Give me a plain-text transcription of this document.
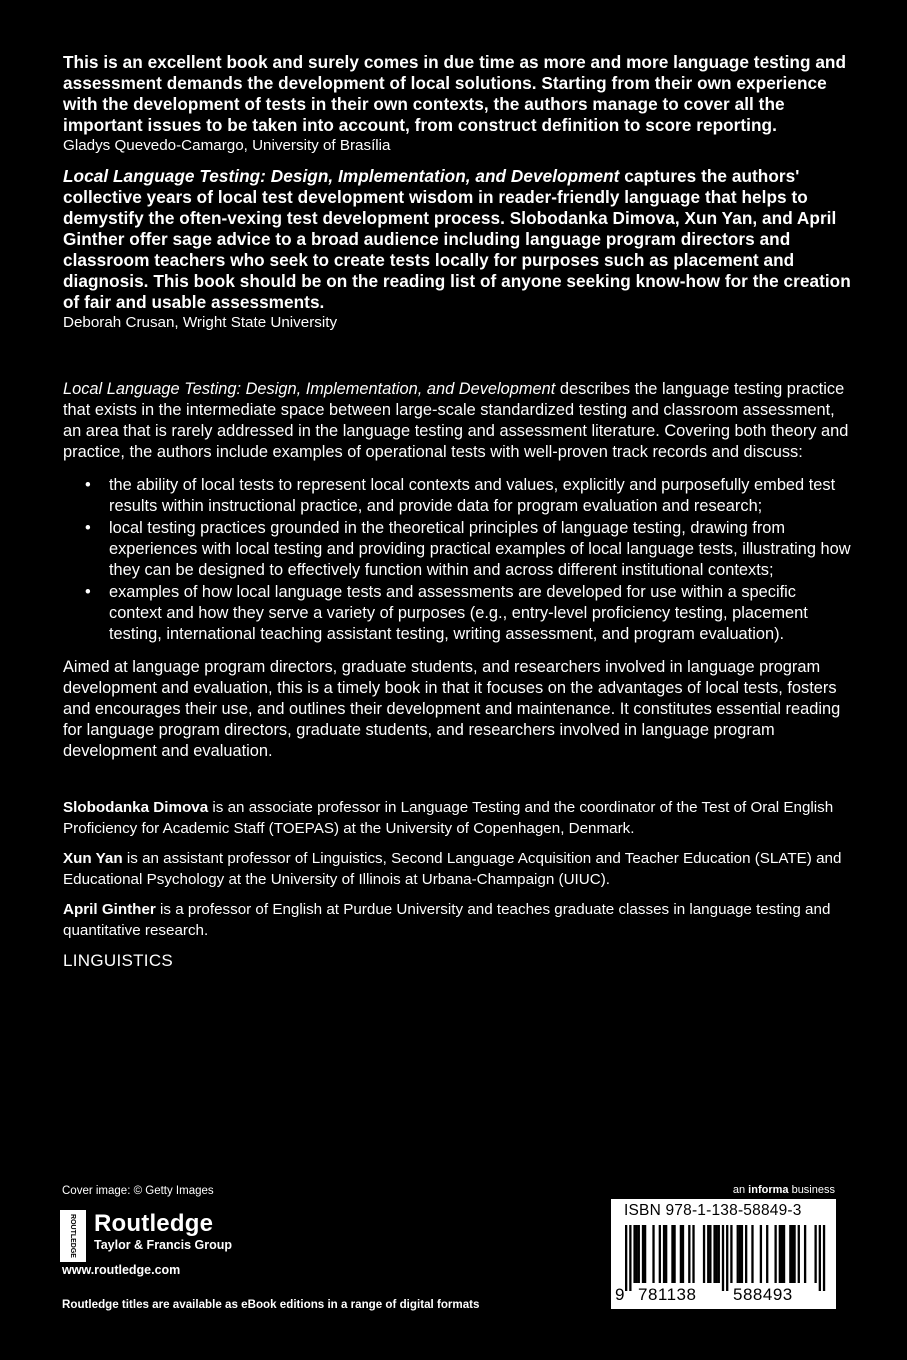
This is an excellent book and surely comes in due time as more and more language testing and assessment demands the development of local solutions. Starting from their own experience with the development of tests in their own contexts, the authors manage to cover all the important issues to be taken into account, from construct definition to score reporting.

Gladys Quevedo-Camargo, University of Brasília

Local Language Testing: Design, Implementation, and Development captures the authors' collective years of local test development wisdom in reader-friendly language that helps to demystify the often-vexing test development process. Slobodanka Dimova, Xun Yan, and April Ginther offer sage advice to a broad audience including language program directors and classroom teachers who seek to create tests locally for purposes such as placement and diagnosis. This book should be on the reading list of anyone seeking know-how for the creation of fair and usable assessments.

Deborah Crusan, Wright State University

Local Language Testing: Design, Implementation, and Development describes the language testing practice that exists in the intermediate space between large-scale standardized testing and classroom assessment, an area that is rarely addressed in the language testing and assessment literature. Covering both theory and practice, the authors include examples of operational tests with well-proven track records and discuss:

• the ability of local tests to represent local contexts and values, explicitly and purposefully embed test results within instructional practice, and provide data for program evaluation and research;
• local testing practices grounded in the theoretical principles of language testing, drawing from experiences with local testing and providing practical examples of local language tests, illustrating how they can be designed to effectively function within and across different institutional contexts;
• examples of how local language tests and assessments are developed for use within a specific context and how they serve a variety of purposes (e.g., entry-level proficiency testing, placement testing, international teaching assistant testing, writing assessment, and program evaluation).

Aimed at language program directors, graduate students, and researchers involved in language program development and evaluation, this is a timely book in that it focuses on the advantages of local tests, fosters and encourages their use, and outlines their development and maintenance. It constitutes essential reading for language program directors, graduate students, and researchers involved in language program development and evaluation.

Slobodanka Dimova is an associate professor in Language Testing and the coordinator of the Test of Oral English Proficiency for Academic Staff (TOEPAS) at the University of Copenhagen, Denmark.

Xun Yan is an assistant professor of Linguistics, Second Language Acquisition and Teacher Education (SLATE) and Educational Psychology at the University of Illinois at Urbana-Champaign (UIUC).

April Ginther is a professor of English at Purdue University and teaches graduate classes in language testing and quantitative research.

LINGUISTICS
Cover image: © Getty Images
ROUTLEDGE Routledge
Taylor & Francis Group
www.routledge.com
Routledge titles are available as eBook editions in a range of digital formats
an informa business
ISBN 978-1-138-58849-3
9 781138 588493
